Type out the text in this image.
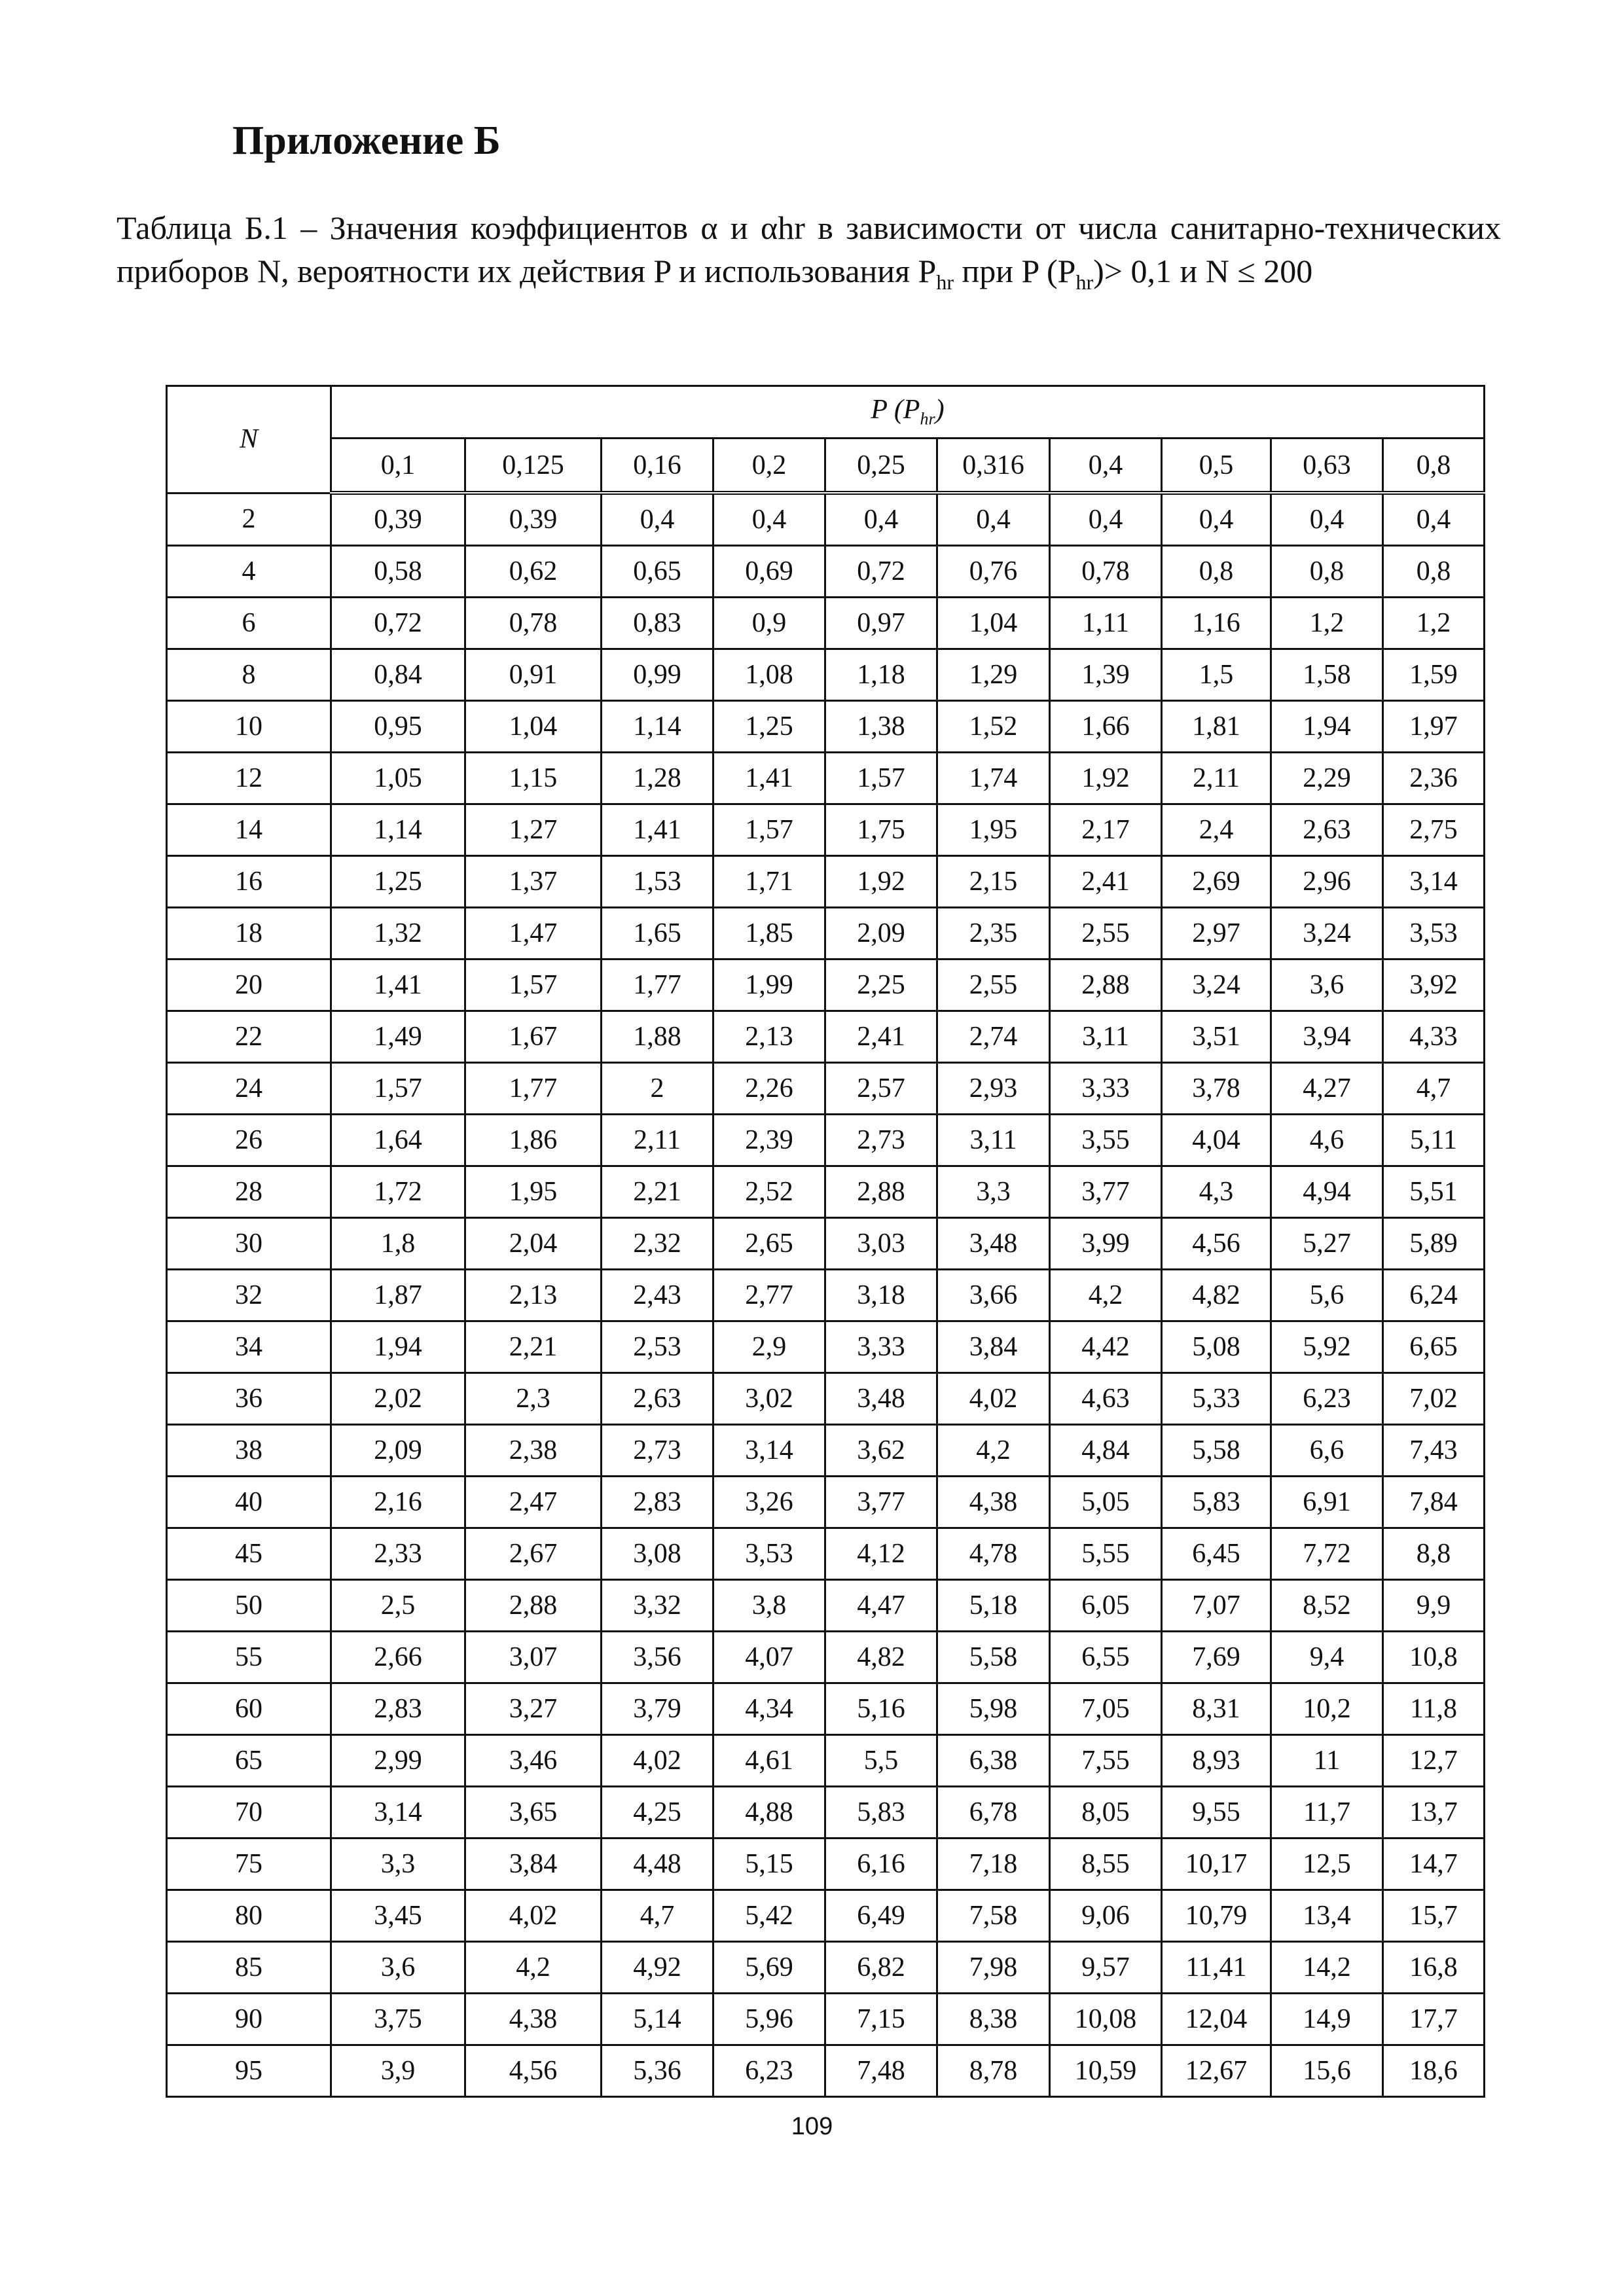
Приложение Б

Таблица Б.1 – Значения коэффициентов α и αhr в зависимости от числа санитарно-технических приборов N, вероятности их действия P и использования $P_{hr}$ при P $(P_{hr})> 0,1$ и N ≤ 200

N	P $(P_{hr})$									
	0,1	0,125	0,16	0,2	0,25	0,316	0,4	0,5	0,63	0,8
2	0,39	0,39	0,4	0,4	0,4	0,4	0,4	0,4	0,4	0,4
4	0,58	0,62	0,65	0,69	0,72	0,76	0,78	0,8	0,8	0,8
6	0,72	0,78	0,83	0,9	0,97	1,04	1,11	1,16	1,2	1,2
8	0,84	0,91	0,99	1,08	1,18	1,29	1,39	1,5	1,58	1,59
10	0,95	1,04	1,14	1,25	1,38	1,52	1,66	1,81	1,94	1,97
12	1,05	1,15	1,28	1,41	1,57	1,74	1,92	2,11	2,29	2,36
14	1,14	1,27	1,41	1,57	1,75	1,95	2,17	2,4	2,63	2,75
16	1,25	1,37	1,53	1,71	1,92	2,15	2,41	2,69	2,96	3,14
18	1,32	1,47	1,65	1,85	2,09	2,35	2,55	2,97	3,24	3,53
20	1,41	1,57	1,77	1,99	2,25	2,55	2,88	3,24	3,6	3,92
22	1,49	1,67	1,88	2,13	2,41	2,74	3,11	3,51	3,94	4,33
24	1,57	1,77	2	2,26	2,57	2,93	3,33	3,78	4,27	4,7
26	1,64	1,86	2,11	2,39	2,73	3,11	3,55	4,04	4,6	5,11
28	1,72	1,95	2,21	2,52	2,88	3,3	3,77	4,3	4,94	5,51
30	1,8	2,04	2,32	2,65	3,03	3,48	3,99	4,56	5,27	5,89
32	1,87	2,13	2,43	2,77	3,18	3,66	4,2	4,82	5,6	6,24
34	1,94	2,21	2,53	2,9	3,33	3,84	4,42	5,08	5,92	6,65
36	2,02	2,3	2,63	3,02	3,48	4,02	4,63	5,33	6,23	7,02
38	2,09	2,38	2,73	3,14	3,62	4,2	4,84	5,58	6,6	7,43
40	2,16	2,47	2,83	3,26	3,77	4,38	5,05	5,83	6,91	7,84
45	2,33	2,67	3,08	3,53	4,12	4,78	5,55	6,45	7,72	8,8
50	2,5	2,88	3,32	3,8	4,47	5,18	6,05	7,07	8,52	9,9
55	2,66	3,07	3,56	4,07	4,82	5,58	6,55	7,69	9,4	10,8
60	2,83	3,27	3,79	4,34	5,16	5,98	7,05	8,31	10,2	11,8
65	2,99	3,46	4,02	4,61	5,5	6,38	7,55	8,93	11	12,7
70	3,14	3,65	4,25	4,88	5,83	6,78	8,05	9,55	11,7	13,7
75	3,3	3,84	4,48	5,15	6,16	7,18	8,55	10,17	12,5	14,7
80	3,45	4,02	4,7	5,42	6,49	7,58	9,06	10,79	13,4	15,7
85	3,6	4,2	4,92	5,69	6,82	7,98	9,57	11,41	14,2	16,8
90	3,75	4,38	5,14	5,96	7,15	8,38	10,08	12,04	14,9	17,7
95	3,9	4,56	5,36	6,23	7,48	8,78	10,59	12,67	15,6	18,6

109
